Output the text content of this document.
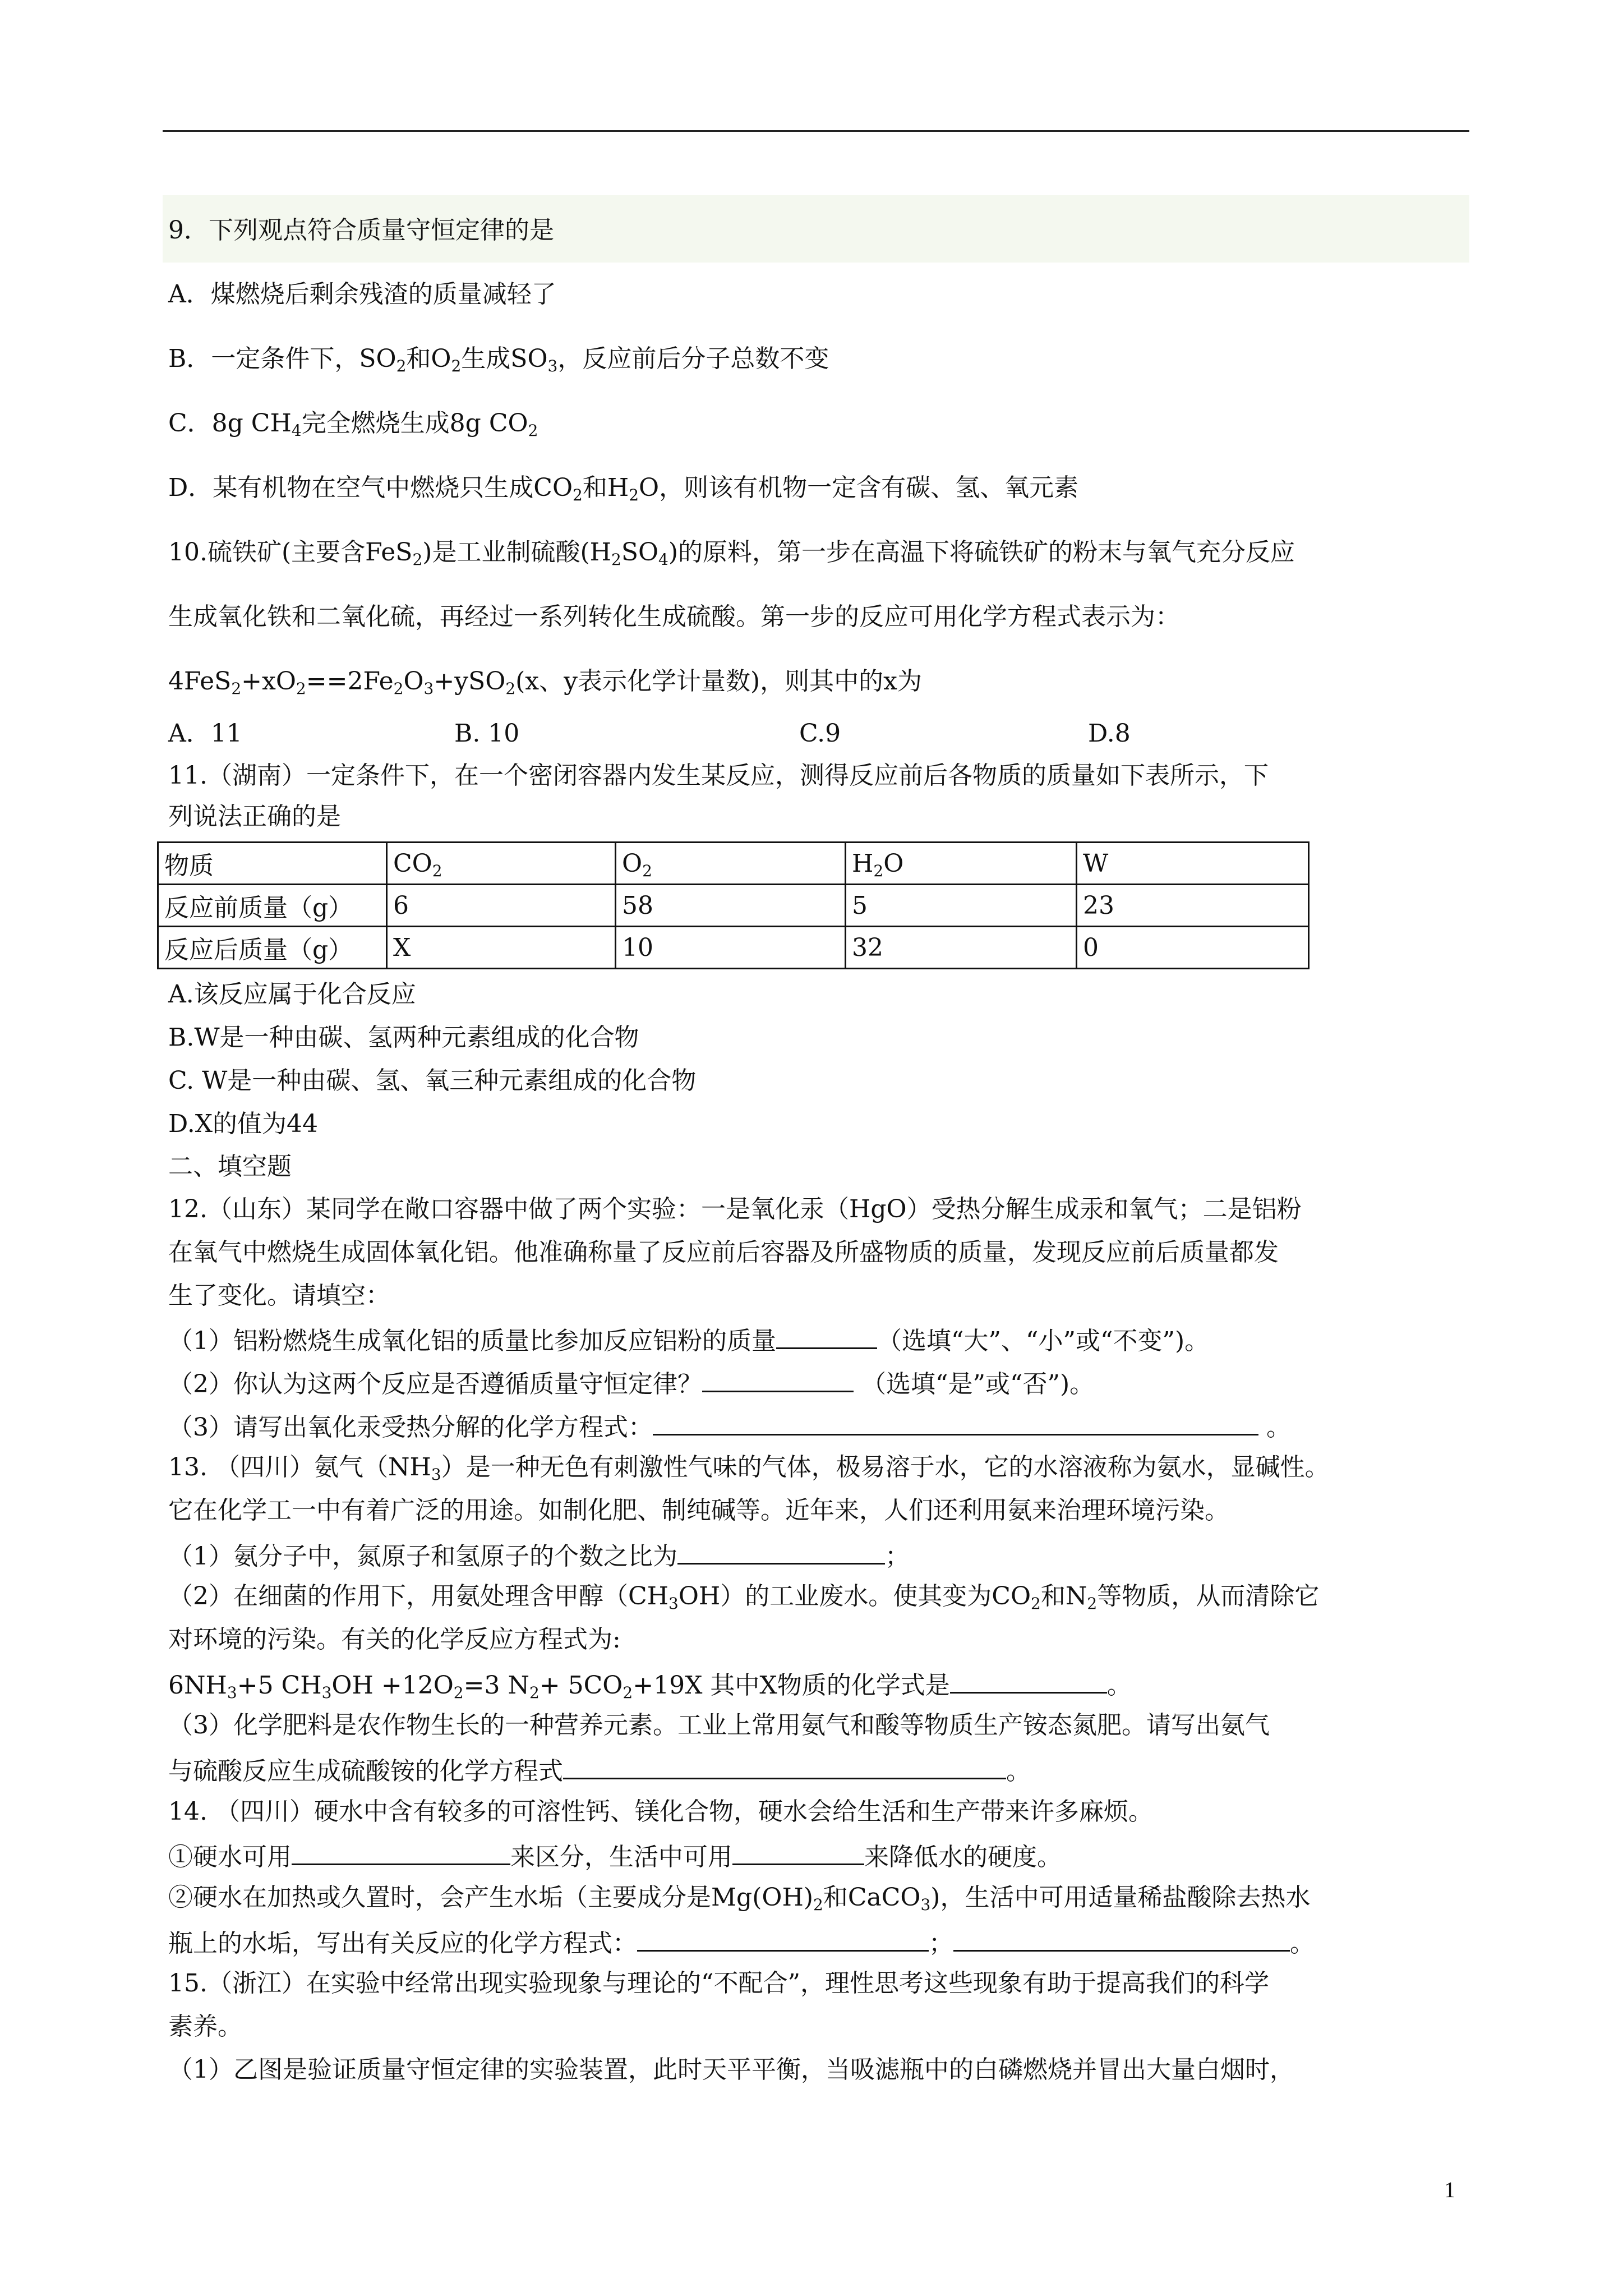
9．下列观点符合质量守恒定律的是
A．煤燃烧后剩余残渣的质量减轻了
B．一定条件下，$SO_2$和$O_2$生成$SO_3$，反应前后分子总数不变
C．8g $CH_4$完全燃烧生成8g $CO_2$
D．某有机物在空气中燃烧只生成$CO_2$和$H_2O$，则该有机物一定含有碳、氢、氧元素
10.硫铁矿(主要含FeS$_2$)是工业制硫酸$(H_2SO_4)$的原料，第一步在高温下将硫铁矿的粉末与氧气充分反应
生成氧化铁和二氧化硫，再经过一系列转化生成硫酸。第一步的反应可用化学方程式表示为：
$4FeS_2+xO_2==2Fe_2O_3+ySO_2(x$、y表示化学计量数)，则其中的x为
A．11	B. 10	C.9	D.8
11.（湖南）一定条件下，在一个密闭容器内发生某反应，测得反应前后各物质的质量如下表所示，下
列说法正确的是
物质	$CO_2$	$O_2$	$H_2O$	W
反应前质量（g）	6	58	5	23
反应后质量（g）	X	10	32	0
A.该反应属于化合反应
B.W是一种由碳、氢两种元素组成的化合物
C. W是一种由碳、氢、氧三种元素组成的化合物
D.X的值为44
二、填空题
12.（山东）某同学在敞口容器中做了两个实验：一是氧化汞（HgO）受热分解生成汞和氧气；二是铝粉
在氧气中燃烧生成固体氧化铝。他准确称量了反应前后容器及所盛物质的质量，发现反应前后质量都发
生了变化。请填空：
（1）铝粉燃烧生成氧化铝的质量比参加反应铝粉的质量	（选填“大”、“小”或“不变”)。
（2）你认为这两个反应是否遵循质量守恒定律？	（选填“是”或“否”)。
（3）请写出氧化汞受热分解的化学方程式：	。
13. （四川）氨气$(NH_3)$是一种无色有刺激性气味的气体，极易溶于水，它的水溶液称为氨水，显碱性。
它在化学工一中有着广泛的用途。如制化肥、制纯碱等。近年来，人们还利用氨来治理环境污染。
（1）氨分子中，氮原子和氢原子的个数之比为	；
（2）在细菌的作用下，用氨处理含甲醇$(CH_3OH)$的工业废水。使其变为$CO_2$和$N_2$等物质，从而清除它
对环境的污染。有关的化学反应方程式为:
$6NH_3+5$ $CH_3OH +12O_2=3$ $N_2+ 5CO_2+19X$ 其中X物质的化学式是	。
（3）化学肥料是农作物生长的一种营养元素。工业上常用氨气和酸等物质生产铵态氮肥。请写出氨气
与硫酸反应生成硫酸铵的化学方程式	。
14. （四川）硬水中含有较多的可溶性钙、镁化合物，硬水会给生活和生产带来许多麻烦。
①硬水可用	来区分，生活中可用	来降低水的硬度。
②硬水在加热或久置时，会产生水垢（主要成分是$Mg(OH)_2$和CaCO$_3$)，生活中可用适量稀盐酸除去热水
瓶上的水垢，写出有关反应的化学方程式：	；	。
15.（浙江）在实验中经常出现实验现象与理论的“不配合”，理性思考这些现象有助于提高我们的科学
素养。
（1）乙图是验证质量守恒定律的实验装置，此时天平平衡，当吸滤瓶中的白磷燃烧并冒出大量白烟时，
1
